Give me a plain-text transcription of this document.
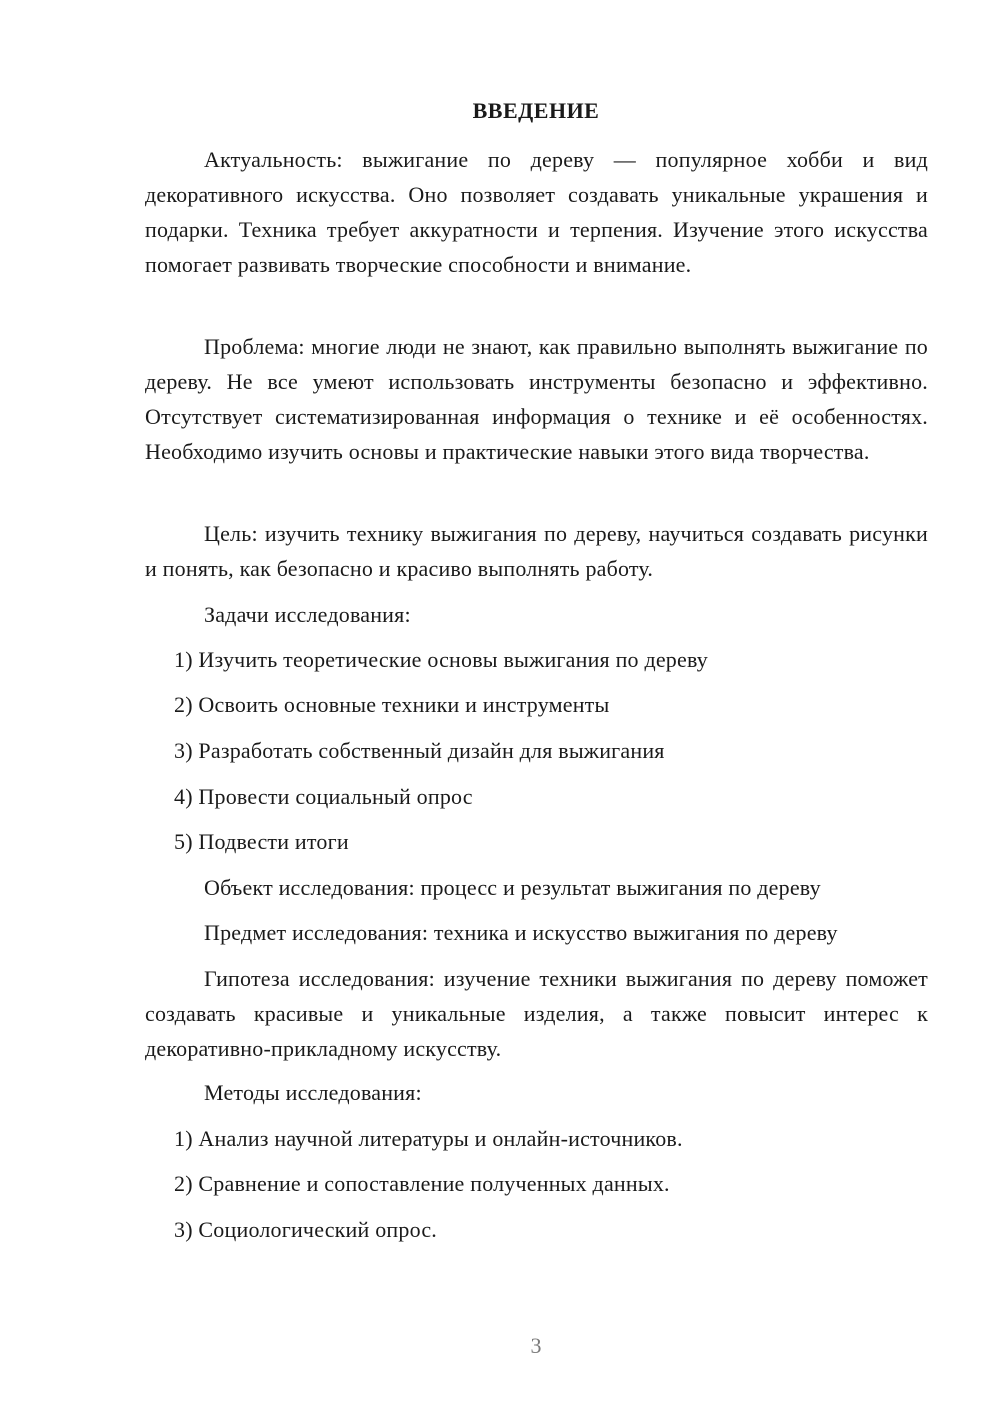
ВВЕДЕНИЕ

Актуальность: выжигание по дереву — популярное хобби и вид декоративного искусства. Оно позволяет создавать уникальные украшения и подарки. Техника требует аккуратности и терпения. Изучение этого искусства помогает развивать творческие способности и внимание.

Проблема: многие люди не знают, как правильно выполнять выжигание по дереву. Не все умеют использовать инструменты безопасно и эффективно. Отсутствует систематизированная информация о технике и её особенностях. Необходимо изучить основы и практические навыки этого вида творчества.

Цель: изучить технику выжигания по дереву, научиться создавать рисунки и понять, как безопасно и красиво выполнять работу.

Задачи исследования:
1) Изучить теоретические основы выжигания по дереву
2) Освоить основные техники и инструменты
3) Разработать собственный дизайн для выжигания
4) Провести социальный опрос
5) Подвести итоги
Объект исследования: процесс и результат выжигания по дереву
Предмет исследования: техника и искусство выжигания по дереву

Гипотеза исследования: изучение техники выжигания по дереву поможет создавать красивые и уникальные изделия, а также повысит интерес к декоративно-прикладному искусству.

Методы исследования:
1) Анализ научной литературы и онлайн-источников.
2) Сравнение и сопоставление полученных данных.
3) Социологический опрос.
3
